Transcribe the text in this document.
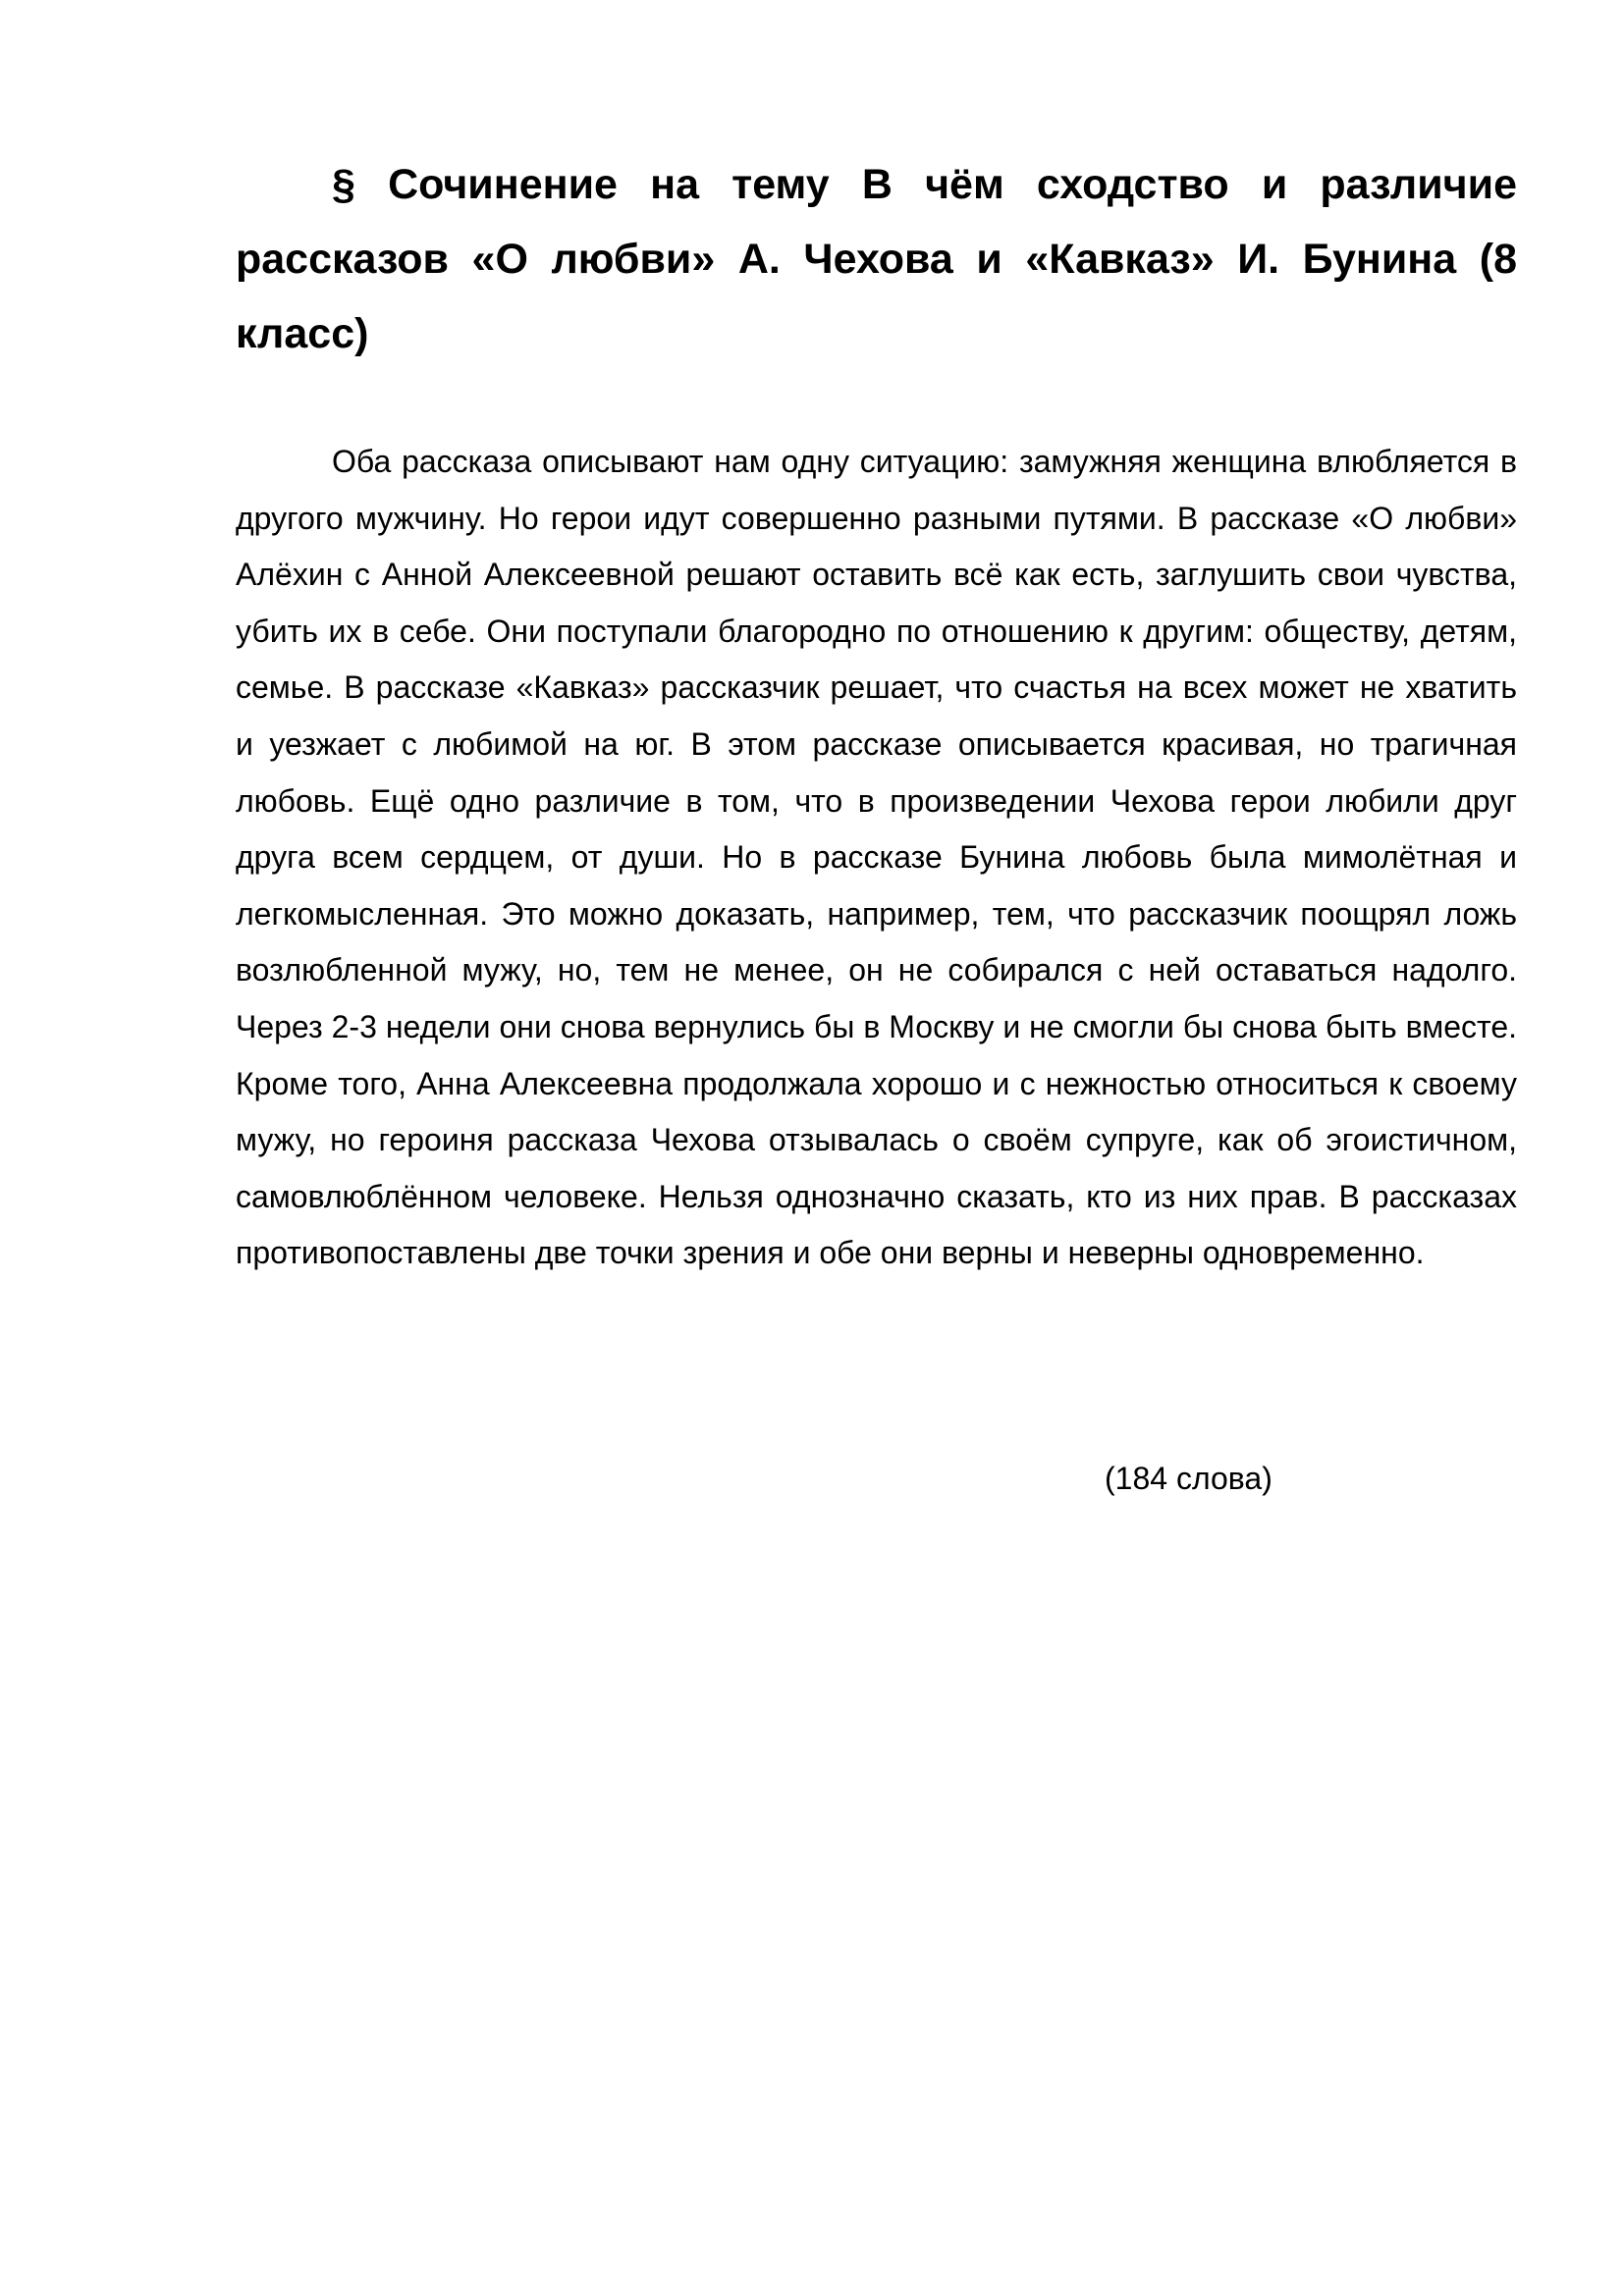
§ Сочинение на тему В чём сходство и различие рассказов «О любви» А. Чехова и «Кавказ» И. Бунина (8 класс)

Оба рассказа описывают нам одну ситуацию: замужняя женщина влюбляется в другого мужчину. Но герои идут совершенно разными путями. В рассказе «О любви» Алёхин с Анной Алексеевной решают оставить всё как есть, заглушить свои чувства, убить их в себе. Они поступали благородно по отношению к другим: обществу, детям, семье. В рассказе «Кавказ» рассказчик решает, что счастья на всех может не хватить и уезжает с любимой на юг. В этом рассказе описывается красивая, но трагичная любовь. Ещё одно различие в том, что в произведении Чехова герои любили друг друга всем сердцем, от души. Но в рассказе Бунина любовь была мимолётная и легкомысленная. Это можно доказать, например, тем, что рассказчик поощрял ложь возлюбленной мужу, но, тем не менее, он не собирался с ней оставаться надолго. Через 2-3 недели они снова вернулись бы в Москву и не смогли бы снова быть вместе. Кроме того, Анна Алексеевна продолжала хорошо и с нежностью относиться к своему мужу, но героиня рассказа Чехова отзывалась о своём супруге, как об эгоистичном, самовлюблённом человеке. Нельзя однозначно сказать, кто из них прав. В рассказах противопоставлены две точки зрения и обе они верны и неверны одновременно.

(184 слова)
